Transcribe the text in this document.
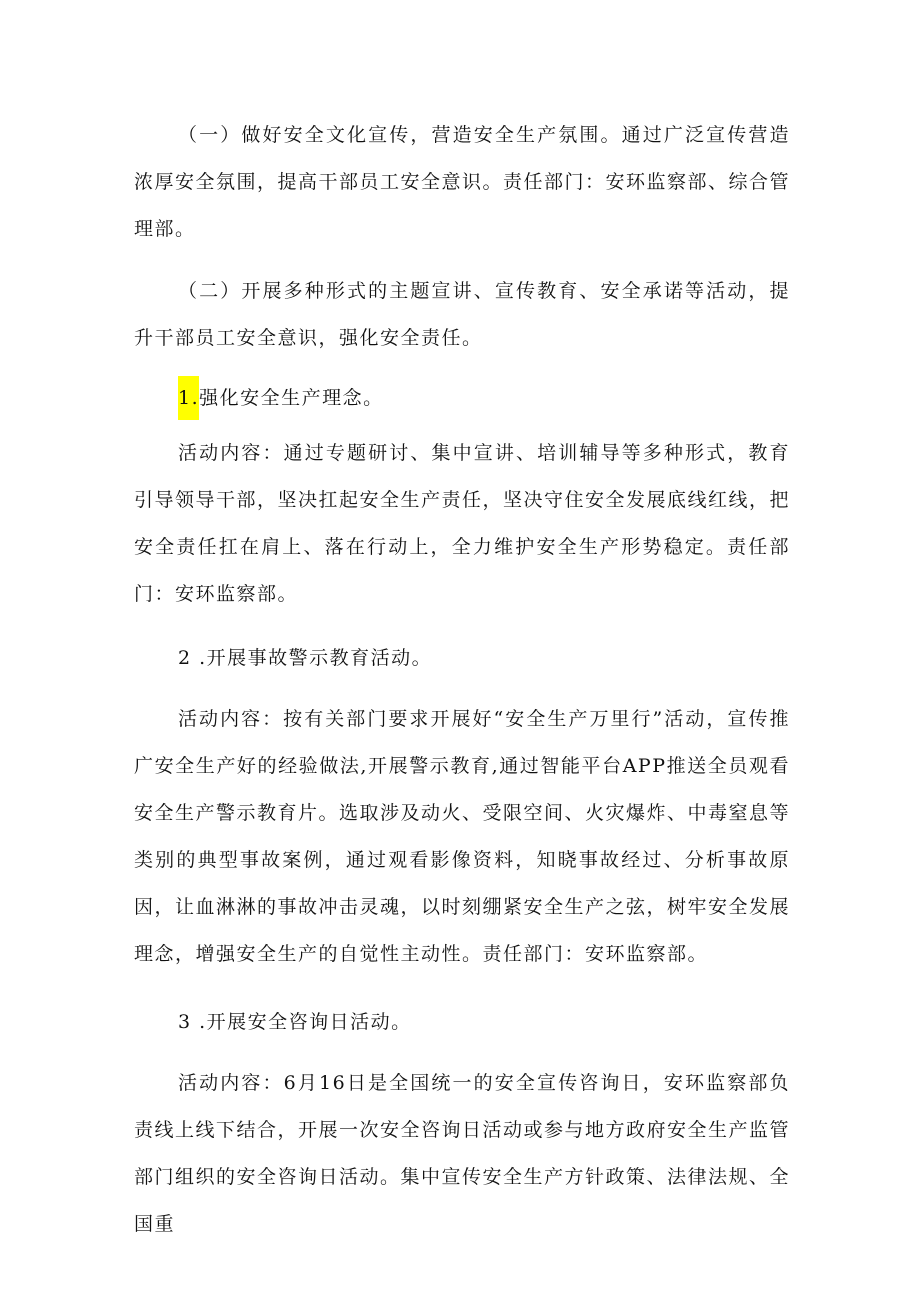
（一）做好安全文化宣传，营造安全生产氛围。通过广泛宣传营造浓厚安全氛围，提高干部员工安全意识。责任部门：安环监察部、综合管理部。

（二）开展多种形式的主题宣讲、宣传教育、安全承诺等活动，提升干部员工安全意识，强化安全责任。

1.强化安全生产理念。

活动内容：通过专题研讨、集中宣讲、培训辅导等多种形式，教育引导领导干部，坚决扛起安全生产责任，坚决守住安全发展底线红线，把安全责任扛在肩上、落在行动上，全力维护安全生产形势稳定。责任部门：安环监察部。

2 .开展事故警示教育活动。

活动内容：按有关部门要求开展好“安全生产万里行”活动，宣传推广安全生产好的经验做法,开展警示教育,通过智能平台APP推送全员观看安全生产警示教育片。选取涉及动火、受限空间、火灾爆炸、中毒窒息等类别的典型事故案例，通过观看影像资料，知晓事故经过、分析事故原因，让血淋淋的事故冲击灵魂，以时刻绷紧安全生产之弦，树牢安全发展理念，增强安全生产的自觉性主动性。责任部门：安环监察部。

3 .开展安全咨询日活动。

活动内容：6月16日是全国统一的安全宣传咨询日，安环监察部负责线上线下结合，开展一次安全咨询日活动或参与地方政府安全生产监管部门组织的安全咨询日活动。集中宣传安全生产方针政策、法律法规、全国重
